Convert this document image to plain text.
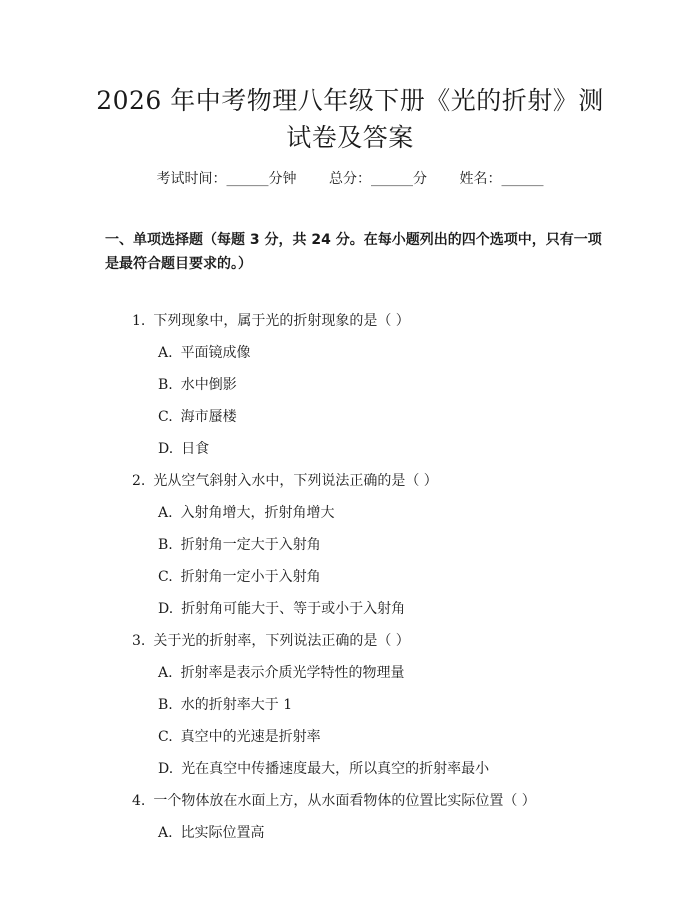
2026 年中考物理八年级下册《光的折射》测
试卷及答案
考试时间：______分钟 总分：______分 姓名：______
一、单项选择题（每题 3 分，共 24 分。在每小题列出的四个选项中，只有一项是最符合题目要求的。）
1. 下列现象中，属于光的折射现象的是（ ）
A. 平面镜成像
B. 水中倒影
C. 海市蜃楼
D. 日食
2. 光从空气斜射入水中，下列说法正确的是（ ）
A. 入射角增大，折射角增大
B. 折射角一定大于入射角
C. 折射角一定小于入射角
D. 折射角可能大于、等于或小于入射角
3. 关于光的折射率，下列说法正确的是（ ）
A. 折射率是表示介质光学特性的物理量
B. 水的折射率大于 1
C. 真空中的光速是折射率
D. 光在真空中传播速度最大，所以真空的折射率最小
4. 一个物体放在水面上方，从水面看物体的位置比实际位置（ ）
A. 比实际位置高
